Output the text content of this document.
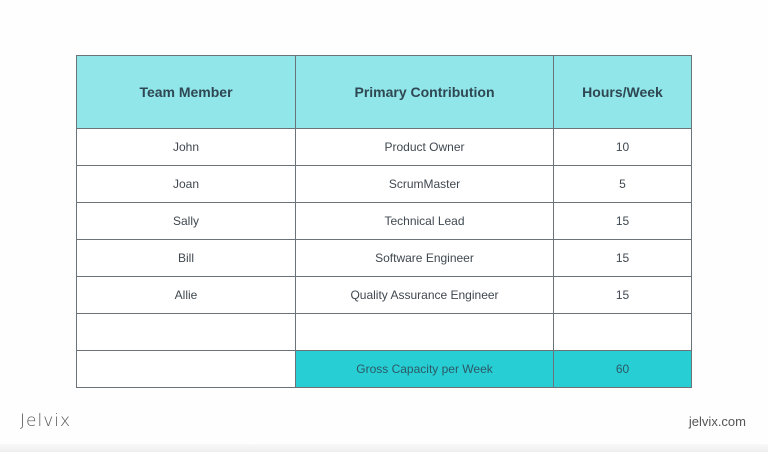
Team Member	Primary Contribution	Hours/Week
John	Product Owner	10
Joan	ScrumMaster	5
Sally	Technical Lead	15
Bill	Software Engineer	15
Allie	Quality Assurance Engineer	15

	Gross Capacity per Week	60
Jelvix	jelvix.com
